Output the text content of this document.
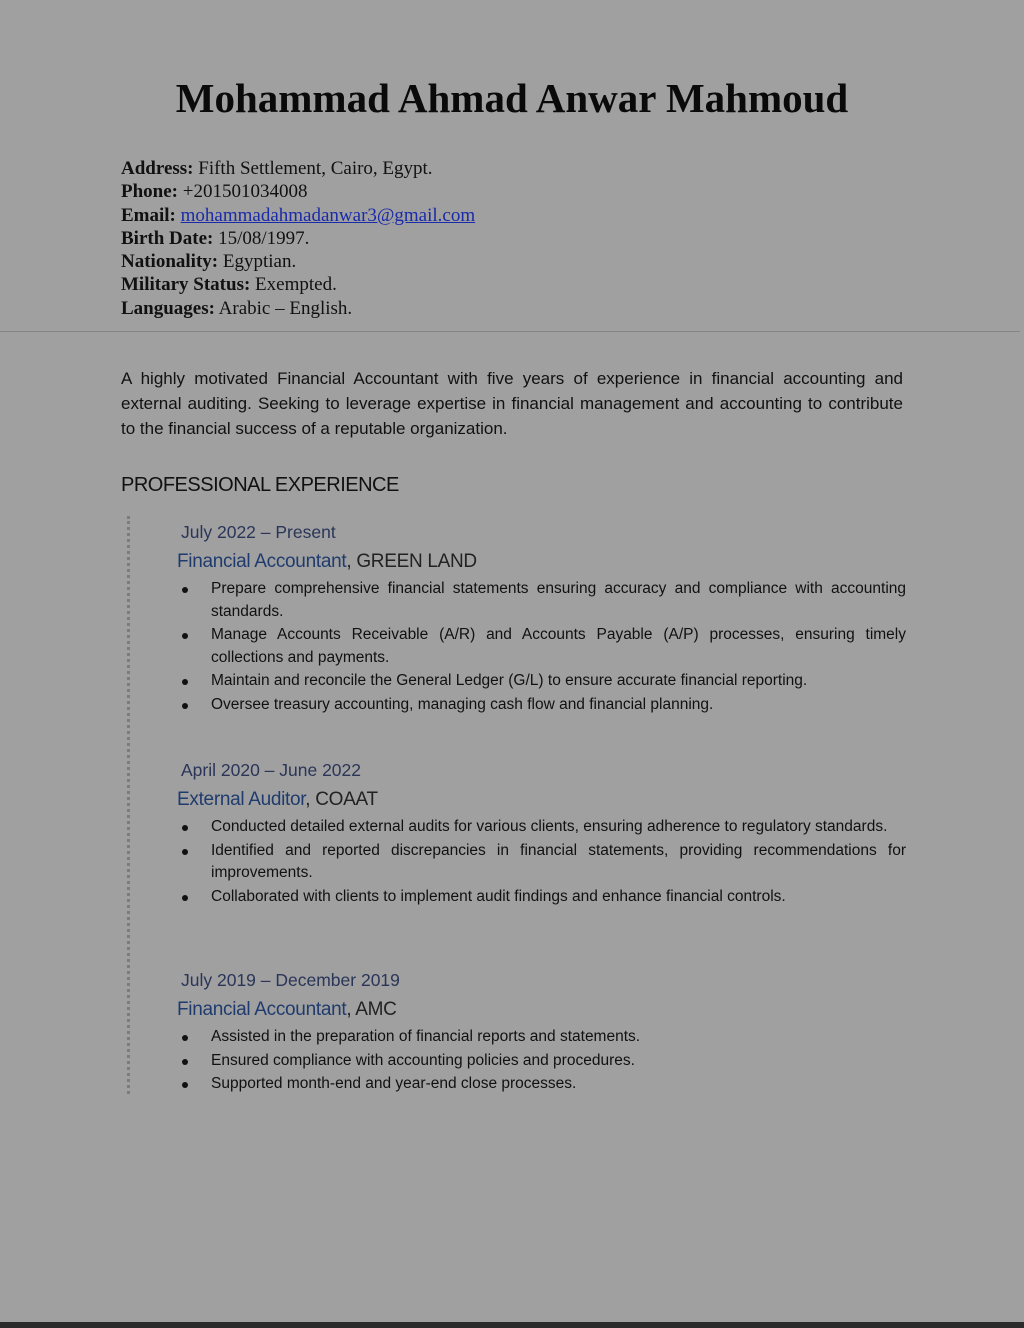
Mohammad Ahmad Anwar Mahmoud
Address: Fifth Settlement, Cairo, Egypt.
Phone: +201501034008
Email: mohammadahmadanwar3@gmail.com
Birth Date: 15/08/1997.
Nationality: Egyptian.
Military Status: Exempted.
Languages: Arabic – English.

A highly motivated Financial Accountant with five years of experience in financial accounting and external auditing. Seeking to leverage expertise in financial management and accounting to contribute to the financial success of a reputable organization.

PROFESSIONAL EXPERIENCE
July 2022 – Present
Financial Accountant, GREEN LAND
Prepare comprehensive financial statements ensuring accuracy and compliance with accounting standards.
Manage Accounts Receivable (A/R) and Accounts Payable (A/P) processes, ensuring timely collections and payments.
Maintain and reconcile the General Ledger (G/L) to ensure accurate financial reporting.
Oversee treasury accounting, managing cash flow and financial planning.
April 2020 – June 2022
External Auditor, COAAT
Conducted detailed external audits for various clients, ensuring adherence to regulatory standards.
Identified and reported discrepancies in financial statements, providing recommendations for improvements.
Collaborated with clients to implement audit findings and enhance financial controls.
July 2019 – December 2019
Financial Accountant, AMC
Assisted in the preparation of financial reports and statements.
Ensured compliance with accounting policies and procedures.
Supported month-end and year-end close processes.
